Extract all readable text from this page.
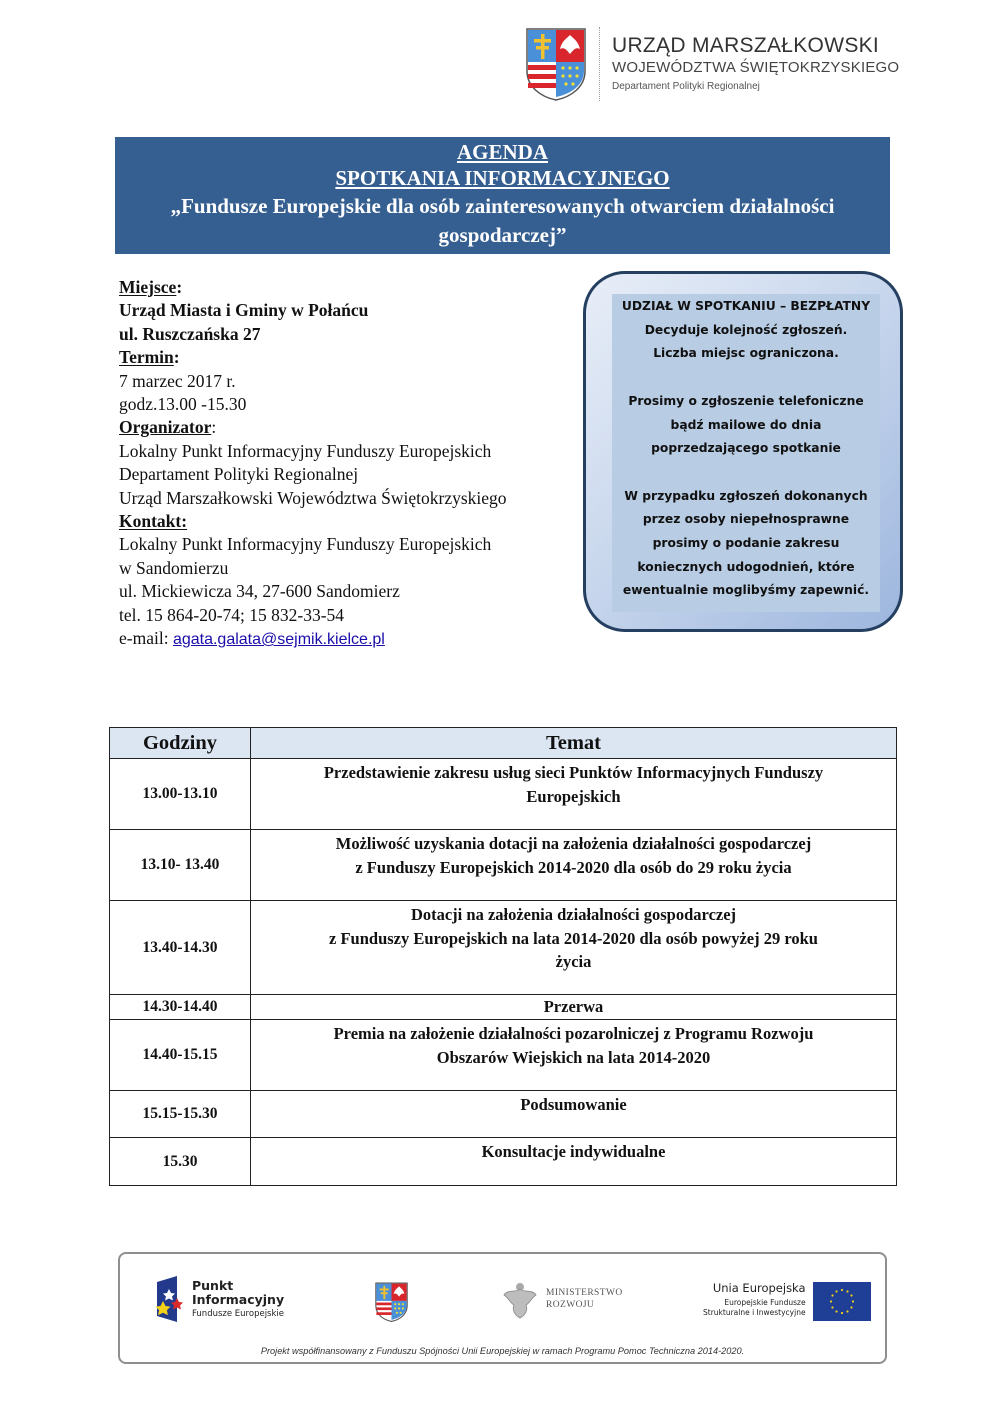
URZĄD MARSZAŁKOWSKI
WOJEWÓDZTWA ŚWIĘTOKRZYSKIEGO
Departament Polityki Regionalnej
AGENDA
SPOTKANIA INFORMACYJNEGO
„Fundusze Europejskie dla osób zainteresowanych otwarciem działalności
gospodarczej”
Miejsce:
Urząd Miasta i Gminy w Połańcu
ul. Ruszczańska 27
Termin:
7 marzec 2017 r.
godz.13.00 -15.30
Organizator:
Lokalny Punkt Informacyjny Funduszy Europejskich
Departament Polityki Regionalnej
Urząd Marszałkowski Województwa Świętokrzyskiego
Kontakt:
Lokalny Punkt Informacyjny Funduszy Europejskich
w Sandomierzu
ul. Mickiewicza 34, 27-600 Sandomierz
tel. 15 864-20-74; 15 832-33-54
e-mail: agata.galata@sejmik.kielce.pl
UDZIAŁ W SPOTKANIU – BEZPŁATNY
Decyduje kolejność zgłoszeń.
Liczba miejsc ograniczona.
Prosimy o zgłoszenie telefoniczne
bądź mailowe do dnia
poprzedzającego spotkanie
W przypadku zgłoszeń dokonanych
przez osoby niepełnosprawne
prosimy o podanie zakresu
koniecznych udogodnień, które
ewentualnie moglibyśmy zapewnić.
Godziny	Temat
13.00-13.10	Przedstawienie zakresu usług sieci Punktów Informacyjnych Funduszy
Europejskich

13.10- 13.40	Możliwość uzyskania dotacji na założenia działalności gospodarczej
z Funduszy Europejskich 2014-2020 dla osób do 29 roku życia

13.40-14.30	Dotacji na założenia działalności gospodarczej
z Funduszy Europejskich na lata 2014-2020 dla osób powyżej 29 roku
życia

14.30-14.40	Przerwa

14.40-15.15	Premia na założenie działalności pozarolniczej z Programu Rozwoju
Obszarów Wiejskich na lata 2014-2020

15.15-15.30	Podsumowanie

15.30	Konsultacje indywidualne
Punkt
Informacyjny
Fundusze Europejskie
MINISTERSTWO
ROZWOJU
Unia Europejska
Europejskie Fundusze
Strukturalne i Inwestycyjne
Projekt współfinansowany z Funduszu Spójności Unii Europejskiej w ramach Programu Pomoc Techniczna 2014-2020.
